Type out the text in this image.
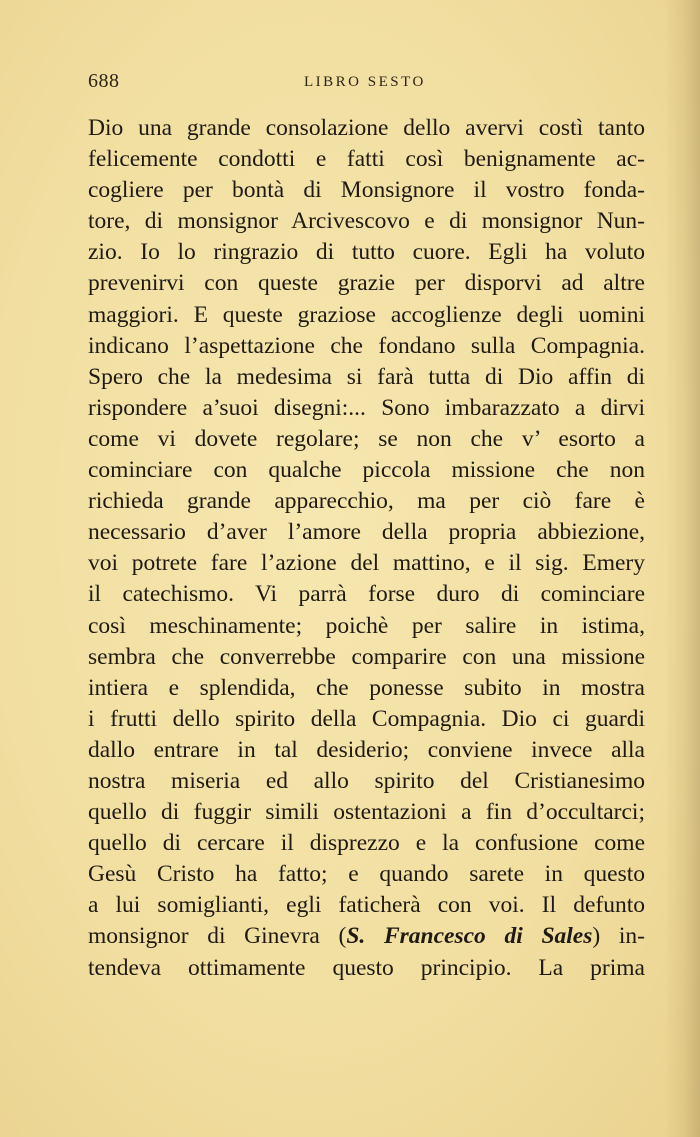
688	LIBRO SESTO
Dio una grande consolazione dello avervi costì tanto
felicemente condotti e fatti così benignamente ac-
cogliere per bontà di Monsignore il vostro fonda-
tore, di monsignor Arcivescovo e di monsignor Nun-
zio. Io lo ringrazio di tutto cuore. Egli ha voluto
prevenirvi con queste grazie per disporvi ad altre
maggiori. E queste graziose accoglienze degli uomini
indicano l’aspettazione che fondano sulla Compagnia.
Spero che la medesima si farà tutta di Dio affin di
rispondere a’suoi disegni:... Sono imbarazzato a dirvi
come vi dovete regolare; se non che v’ esorto a
cominciare con qualche piccola missione che non
richieda grande apparecchio, ma per ciò fare è
necessario d’aver l’amore della propria abbiezione,
voi potrete fare l’azione del mattino, e il sig. Emery
il catechismo. Vi parrà forse duro di cominciare
così meschinamente; poichè per salire in istima,
sembra che converrebbe comparire con una missione
intiera e splendida, che ponesse subito in mostra
i frutti dello spirito della Compagnia. Dio ci guardi
dallo entrare in tal desiderio; conviene invece alla
nostra miseria ed allo spirito del Cristianesimo
quello di fuggir simili ostentazioni a fin d’occultarci;
quello di cercare il disprezzo e la confusione come
Gesù Cristo ha fatto; e quando sarete in questo
a lui somiglianti, egli faticherà con voi. Il defunto
monsignor di Ginevra (S. Francesco di Sales) in-
tendeva ottimamente questo principio. La prima
